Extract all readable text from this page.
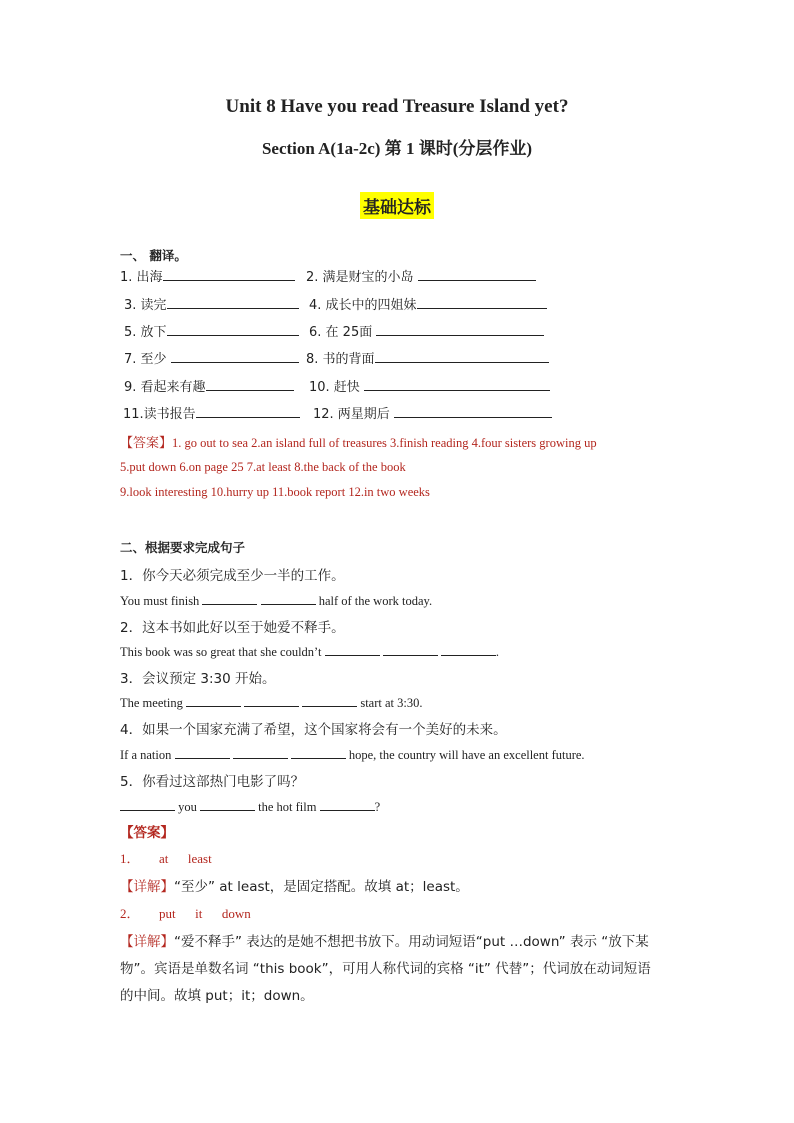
Unit 8 Have you read Treasure Island yet?
Section A(1a-2c) 第 1 课时(分层作业)
基础达标
一、 翻译。
1. 出海	2. 满是财宝的小岛
3. 读完	4. 成长中的四姐妹
5. 放下	6. 在 25面
7. 至少	8. 书的背面
9. 看起来有趣	10. 赶快
11.读书报告	12. 两星期后
【答案】1. go out to sea 2.an island full of treasures 3.finish reading 4.four sisters growing up
5.put down 6.on page 25 7.at least 8.the back of the book
9.look interesting 10.hurry up 11.book report 12.in two weeks
二、根据要求完成句子
1．你今天必须完成至少一半的工作。
You must finish	half of the work today.
2．这本书如此好以至于她爱不释手。
This book was so great that she couldn’t	.
3．会议预定 3:30 开始。
The meeting	start at 3:30.
4．如果一个国家充满了希望，这个国家将会有一个美好的未来。
If a nation	hope, the country will have an excellent future.
5．你看过这部热门电影了吗？
you	the hot film	?
【答案】
1．      at      least
【详解】“至少” at least，是固定搭配。故填 at；least。
2．      put      it      down
【详解】“爱不释手” 表达的是她不想把书放下。用动词短语“put …down” 表示 “放下某
物”。宾语是单数名词 “this book”，可用人称代词的宾格 “it” 代替”；代词放在动词短语
的中间。故填 put；it；down。
